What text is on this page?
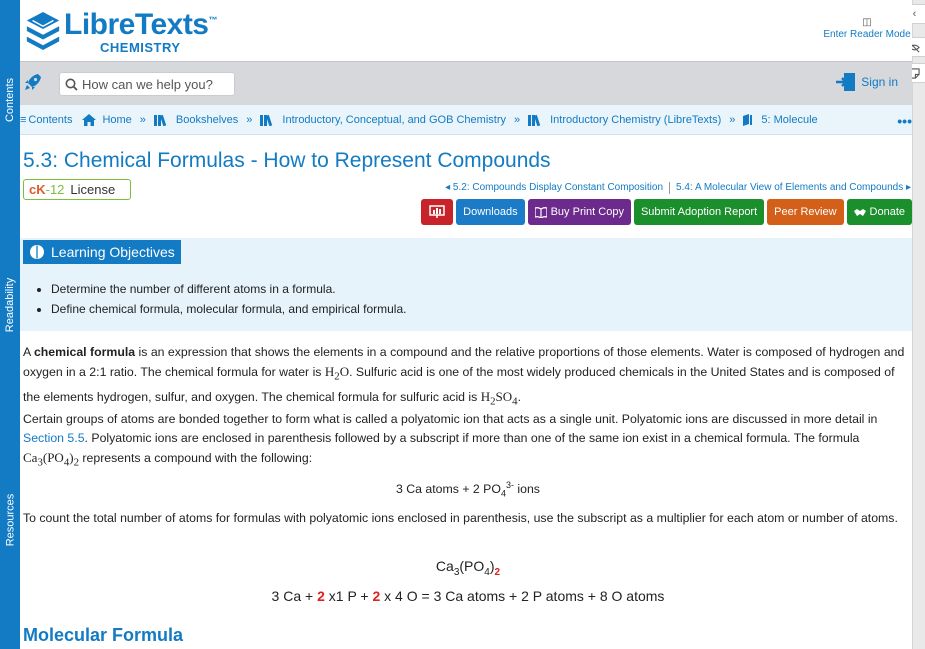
Contents
Readability
Resources
‹
LibreTexts™
CHEMISTRY
◫
Enter Reader Mode
How can we help you?
Sign in
≡ Contents	Home »	Bookshelves »	Introductory, Conceptual, and GOB Chemistry »	Introductory Chemistry (LibreTexts) » 5: Molecule	•••
5.3: Chemical Formulas - How to Represent Compounds
cK -12 License	◂ 5.2: Compounds Display Constant Composition 5.4: A Molecular View of Elements and Compounds ▸
Downloads	Buy Print Copy Submit Adoption Report Peer Review	Donate
Learning Objectives
• Determine the number of different atoms in a formula.
• Define chemical formula, molecular formula, and empirical formula.

A chemical formula is an expression that shows the elements in a compound and the relative proportions of those elements. Water is composed of hydrogen and oxygen in a 2:1 ratio. The chemical formula for water is $H_2O$. Sulfuric acid is one of the most widely produced chemicals in the United States and is composed of the elements hydrogen, sulfur, and oxygen. The chemical formula for sulfuric acid is $H_2SO_4$.

Certain groups of atoms are bonded together to form what is called a polyatomic ion that acts as a single unit. Polyatomic ions are discussed in more detail in Section 5.5. Polyatomic ions are enclosed in parenthesis followed by a subscript if more than one of the same ion exist in a chemical formula. The formula $Ca_3(PO_4)_2$ represents a compound with the following:

3 Ca atoms + 2 $PO_4^{3-}$ ions

To count the total number of atoms for formulas with polyatomic ions enclosed in parenthesis, use the subscript as a multiplier for each atom or number of atoms.

$Ca_3(PO_4)_2$
3 Ca + 2 x1 P + 2 x 4 O = 3 Ca atoms + 2 P atoms + 8 O atoms
Molecular Formula
